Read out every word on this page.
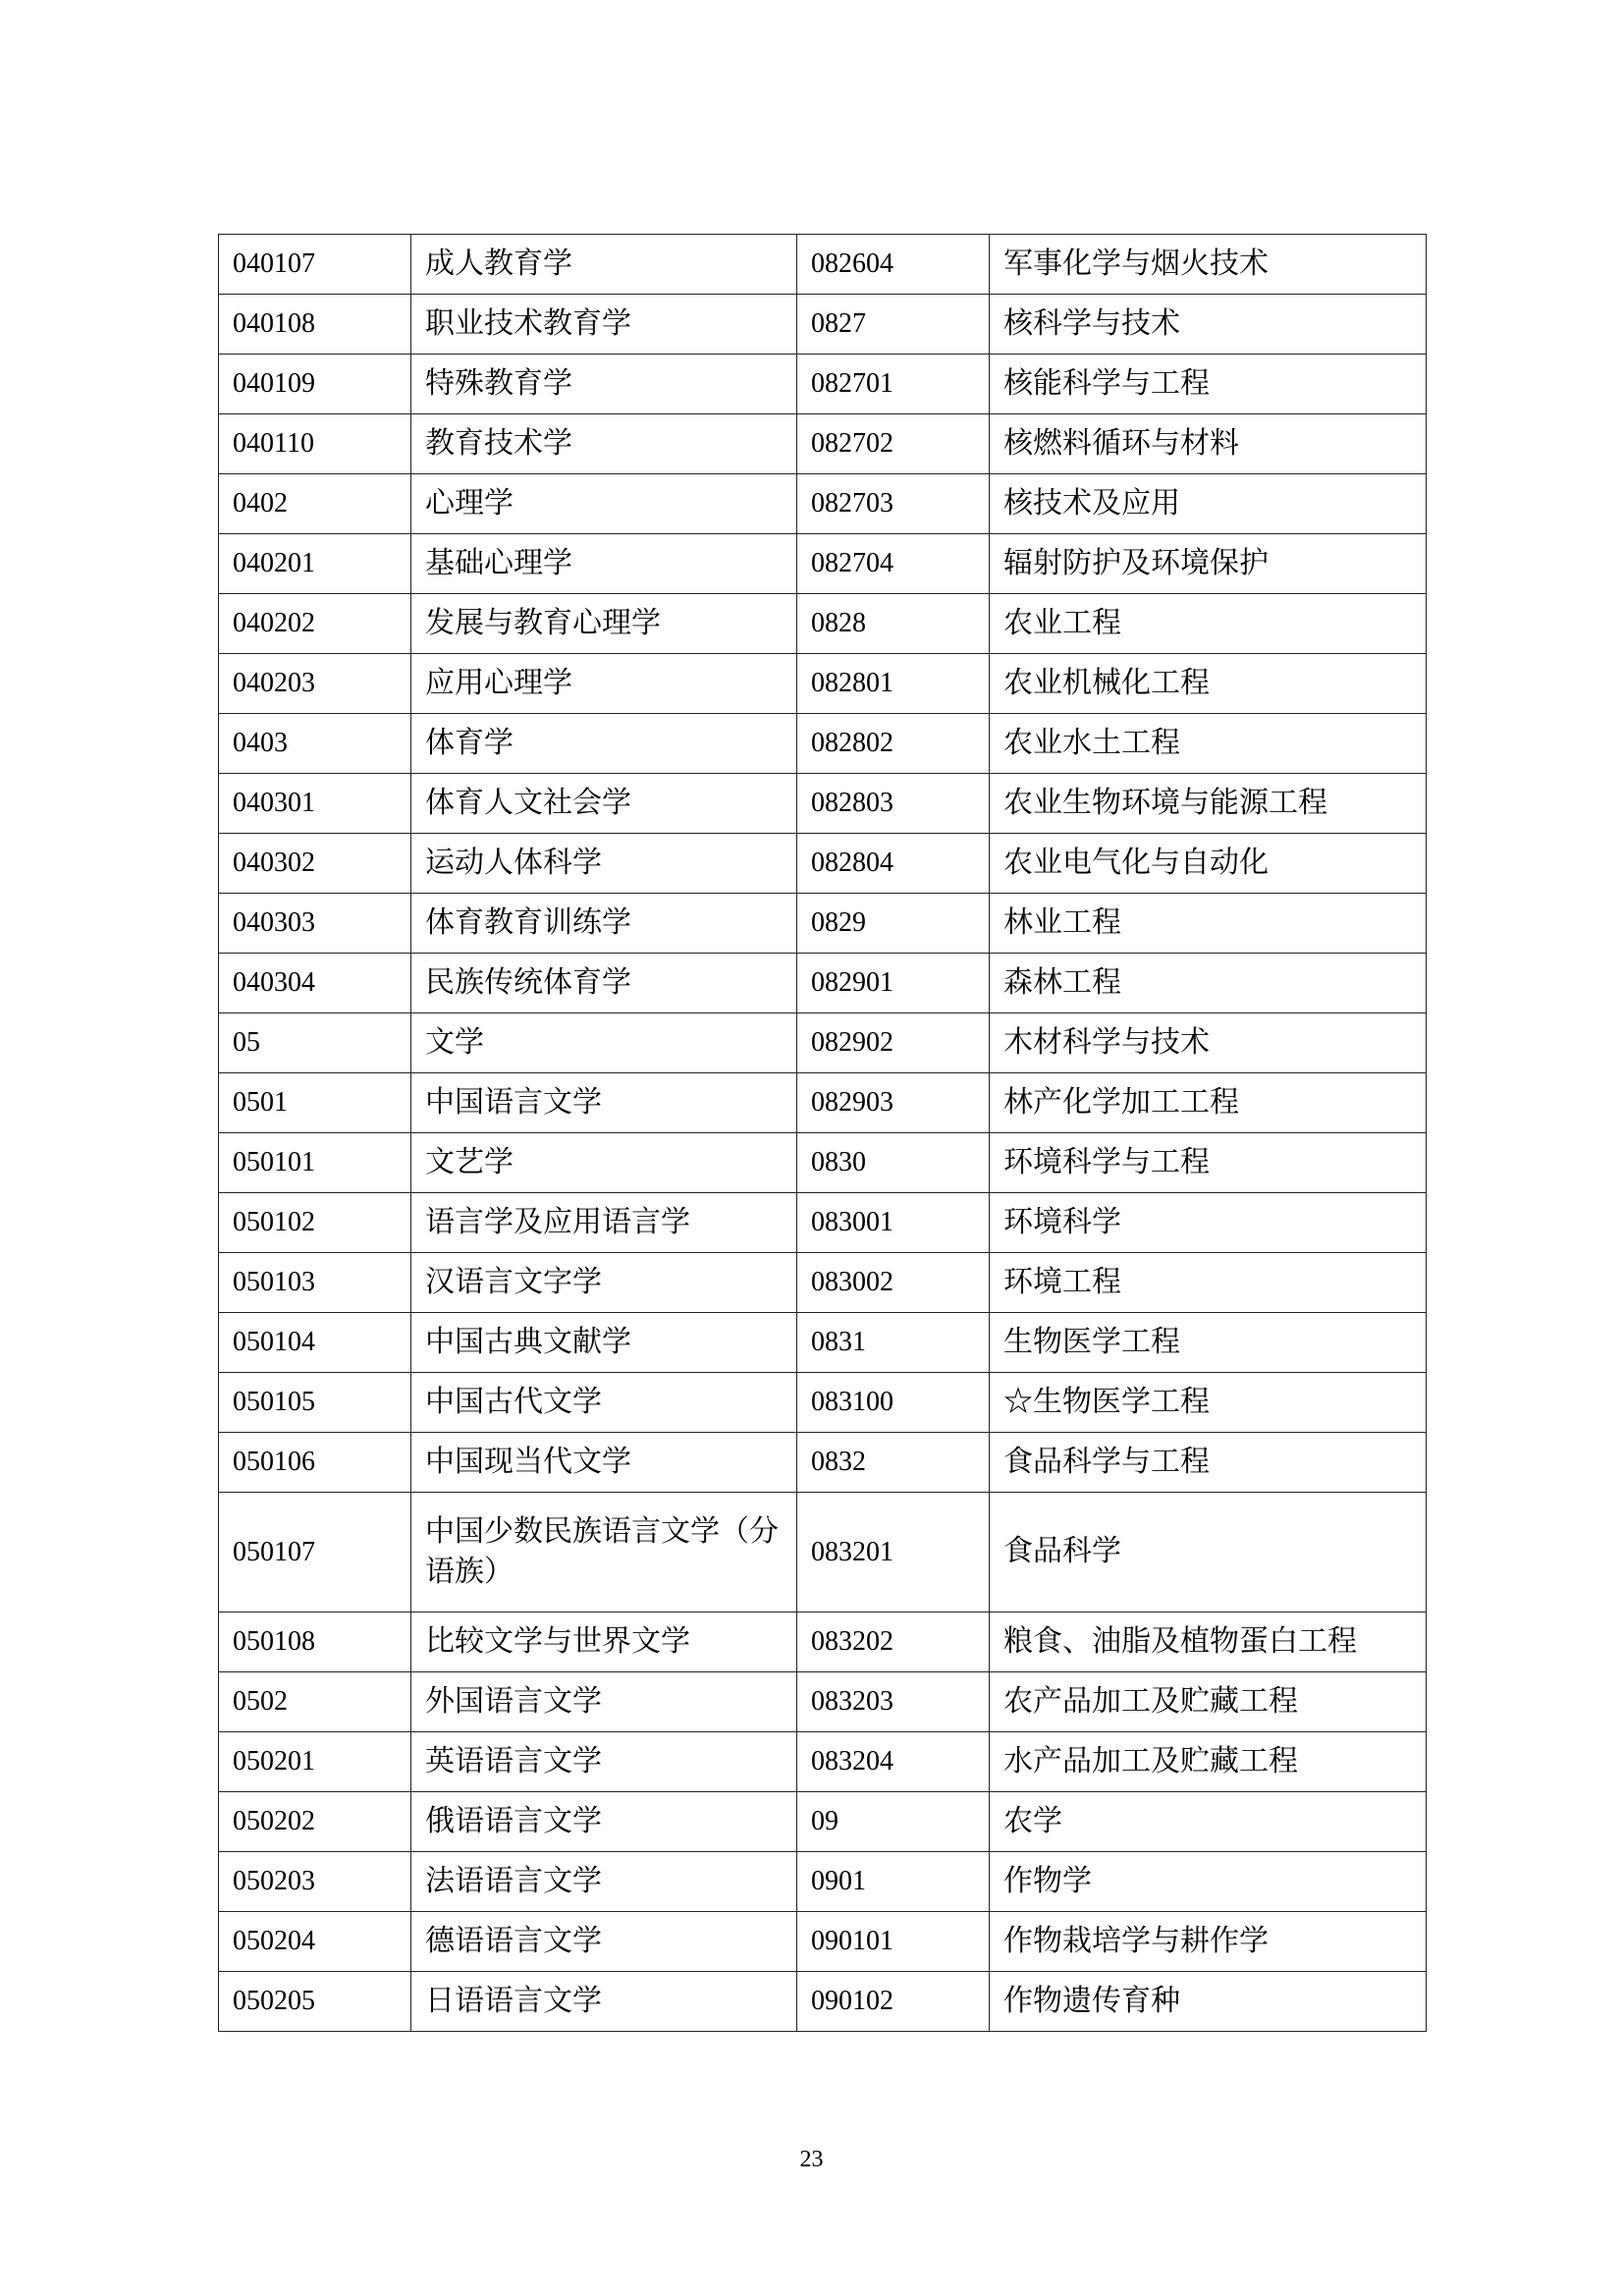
040107	成人教育学	082604	军事化学与烟火技术
040108	职业技术教育学	0827	核科学与技术
040109	特殊教育学	082701	核能科学与工程
040110	教育技术学	082702	核燃料循环与材料
0402	心理学	082703	核技术及应用
040201	基础心理学	082704	辐射防护及环境保护
040202	发展与教育心理学	0828	农业工程
040203	应用心理学	082801	农业机械化工程
0403	体育学	082802	农业水土工程
040301	体育人文社会学	082803	农业生物环境与能源工程
040302	运动人体科学	082804	农业电气化与自动化
040303	体育教育训练学	0829	林业工程
040304	民族传统体育学	082901	森林工程
05	文学	082902	木材科学与技术
0501	中国语言文学	082903	林产化学加工工程
050101	文艺学	0830	环境科学与工程
050102	语言学及应用语言学	083001	环境科学
050103	汉语言文字学	083002	环境工程
050104	中国古典文献学	0831	生物医学工程
050105	中国古代文学	083100	☆生物医学工程
050106	中国现当代文学	0832	食品科学与工程
050107	中国少数民族语言文学（分语族）	083201	食品科学
050108	比较文学与世界文学	083202	粮食、油脂及植物蛋白工程
0502	外国语言文学	083203	农产品加工及贮藏工程
050201	英语语言文学	083204	水产品加工及贮藏工程
050202	俄语语言文学	09	农学
050203	法语语言文学	0901	作物学
050204	德语语言文学	090101	作物栽培学与耕作学
050205	日语语言文学	090102	作物遗传育种
23
